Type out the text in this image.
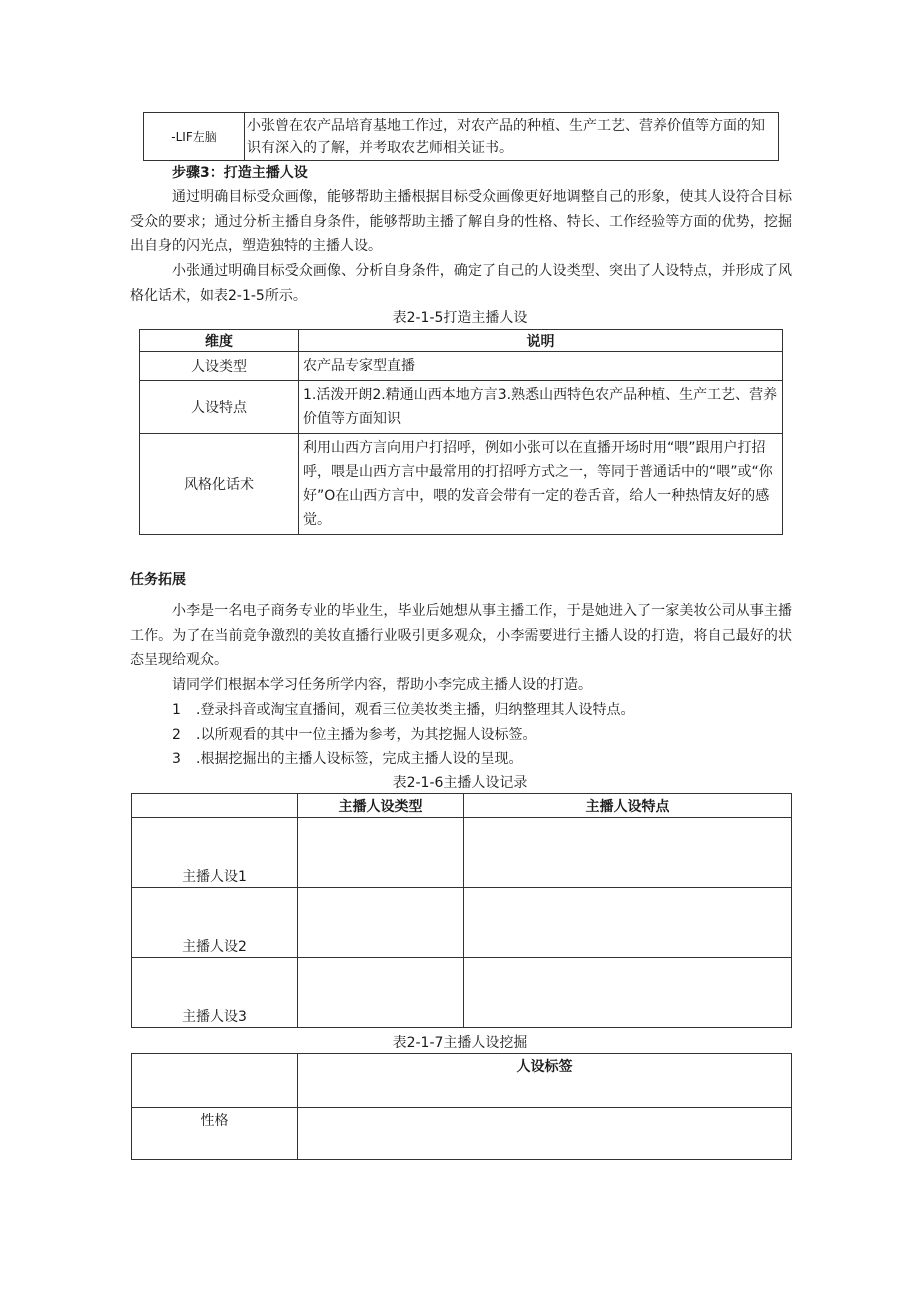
-LIF左脑	小张曾在农产品培育基地工作过，对农产品的种植、生产工艺、营养价值等方面的知识有深入的了解，并考取农艺师相关证书。
步骤3：打造主播人设
通过明确目标受众画像，能够帮助主播根据目标受众画像更好地调整自己的形象，使其人设符合目标受众的要求；通过分析主播自身条件，能够帮助主播了解自身的性格、特长、工作经验等方面的优势，挖掘出自身的闪光点，塑造独特的主播人设。
小张通过明确目标受众画像、分析自身条件，确定了自己的人设类型、突出了人设特点，并形成了风格化话术，如表2-1-5所示。
表2-1-5打造主播人设
维度	说明
人设类型	农产品专家型直播
人设特点	1.活泼开朗2.精通山西本地方言3.熟悉山西特色农产品种植、生产工艺、营养价值等方面知识
风格化话术	利用山西方言向用户打招呼，例如小张可以在直播开场时用“喂”跟用户打招呼，喂是山西方言中最常用的打招呼方式之一，等同于普通话中的“喂”或“你好”O在山西方言中，喂的发音会带有一定的卷舌音，给人一种热情友好的感觉。
任务拓展
小李是一名电子商务专业的毕业生，毕业后她想从事主播工作，于是她进入了一家美妆公司从事主播工作。为了在当前竞争激烈的美妆直播行业吸引更多观众，小李需要进行主播人设的打造，将自己最好的状态呈现给观众。
请同学们根据本学习任务所学内容，帮助小李完成主播人设的打造。
1 .登录抖音或淘宝直播间，观看三位美妆类主播，归纳整理其人设特点。
2 .以所观看的其中一位主播为参考，为其挖掘人设标签。
3 .根据挖掘出的主播人设标签，完成主播人设的呈现。
表2-1-6主播人设记录
	主播人设类型	主播人设特点
主播人设1		
主播人设2		
主播人设3		
表2-1-7主播人设挖掘
	人设标签
性格	
